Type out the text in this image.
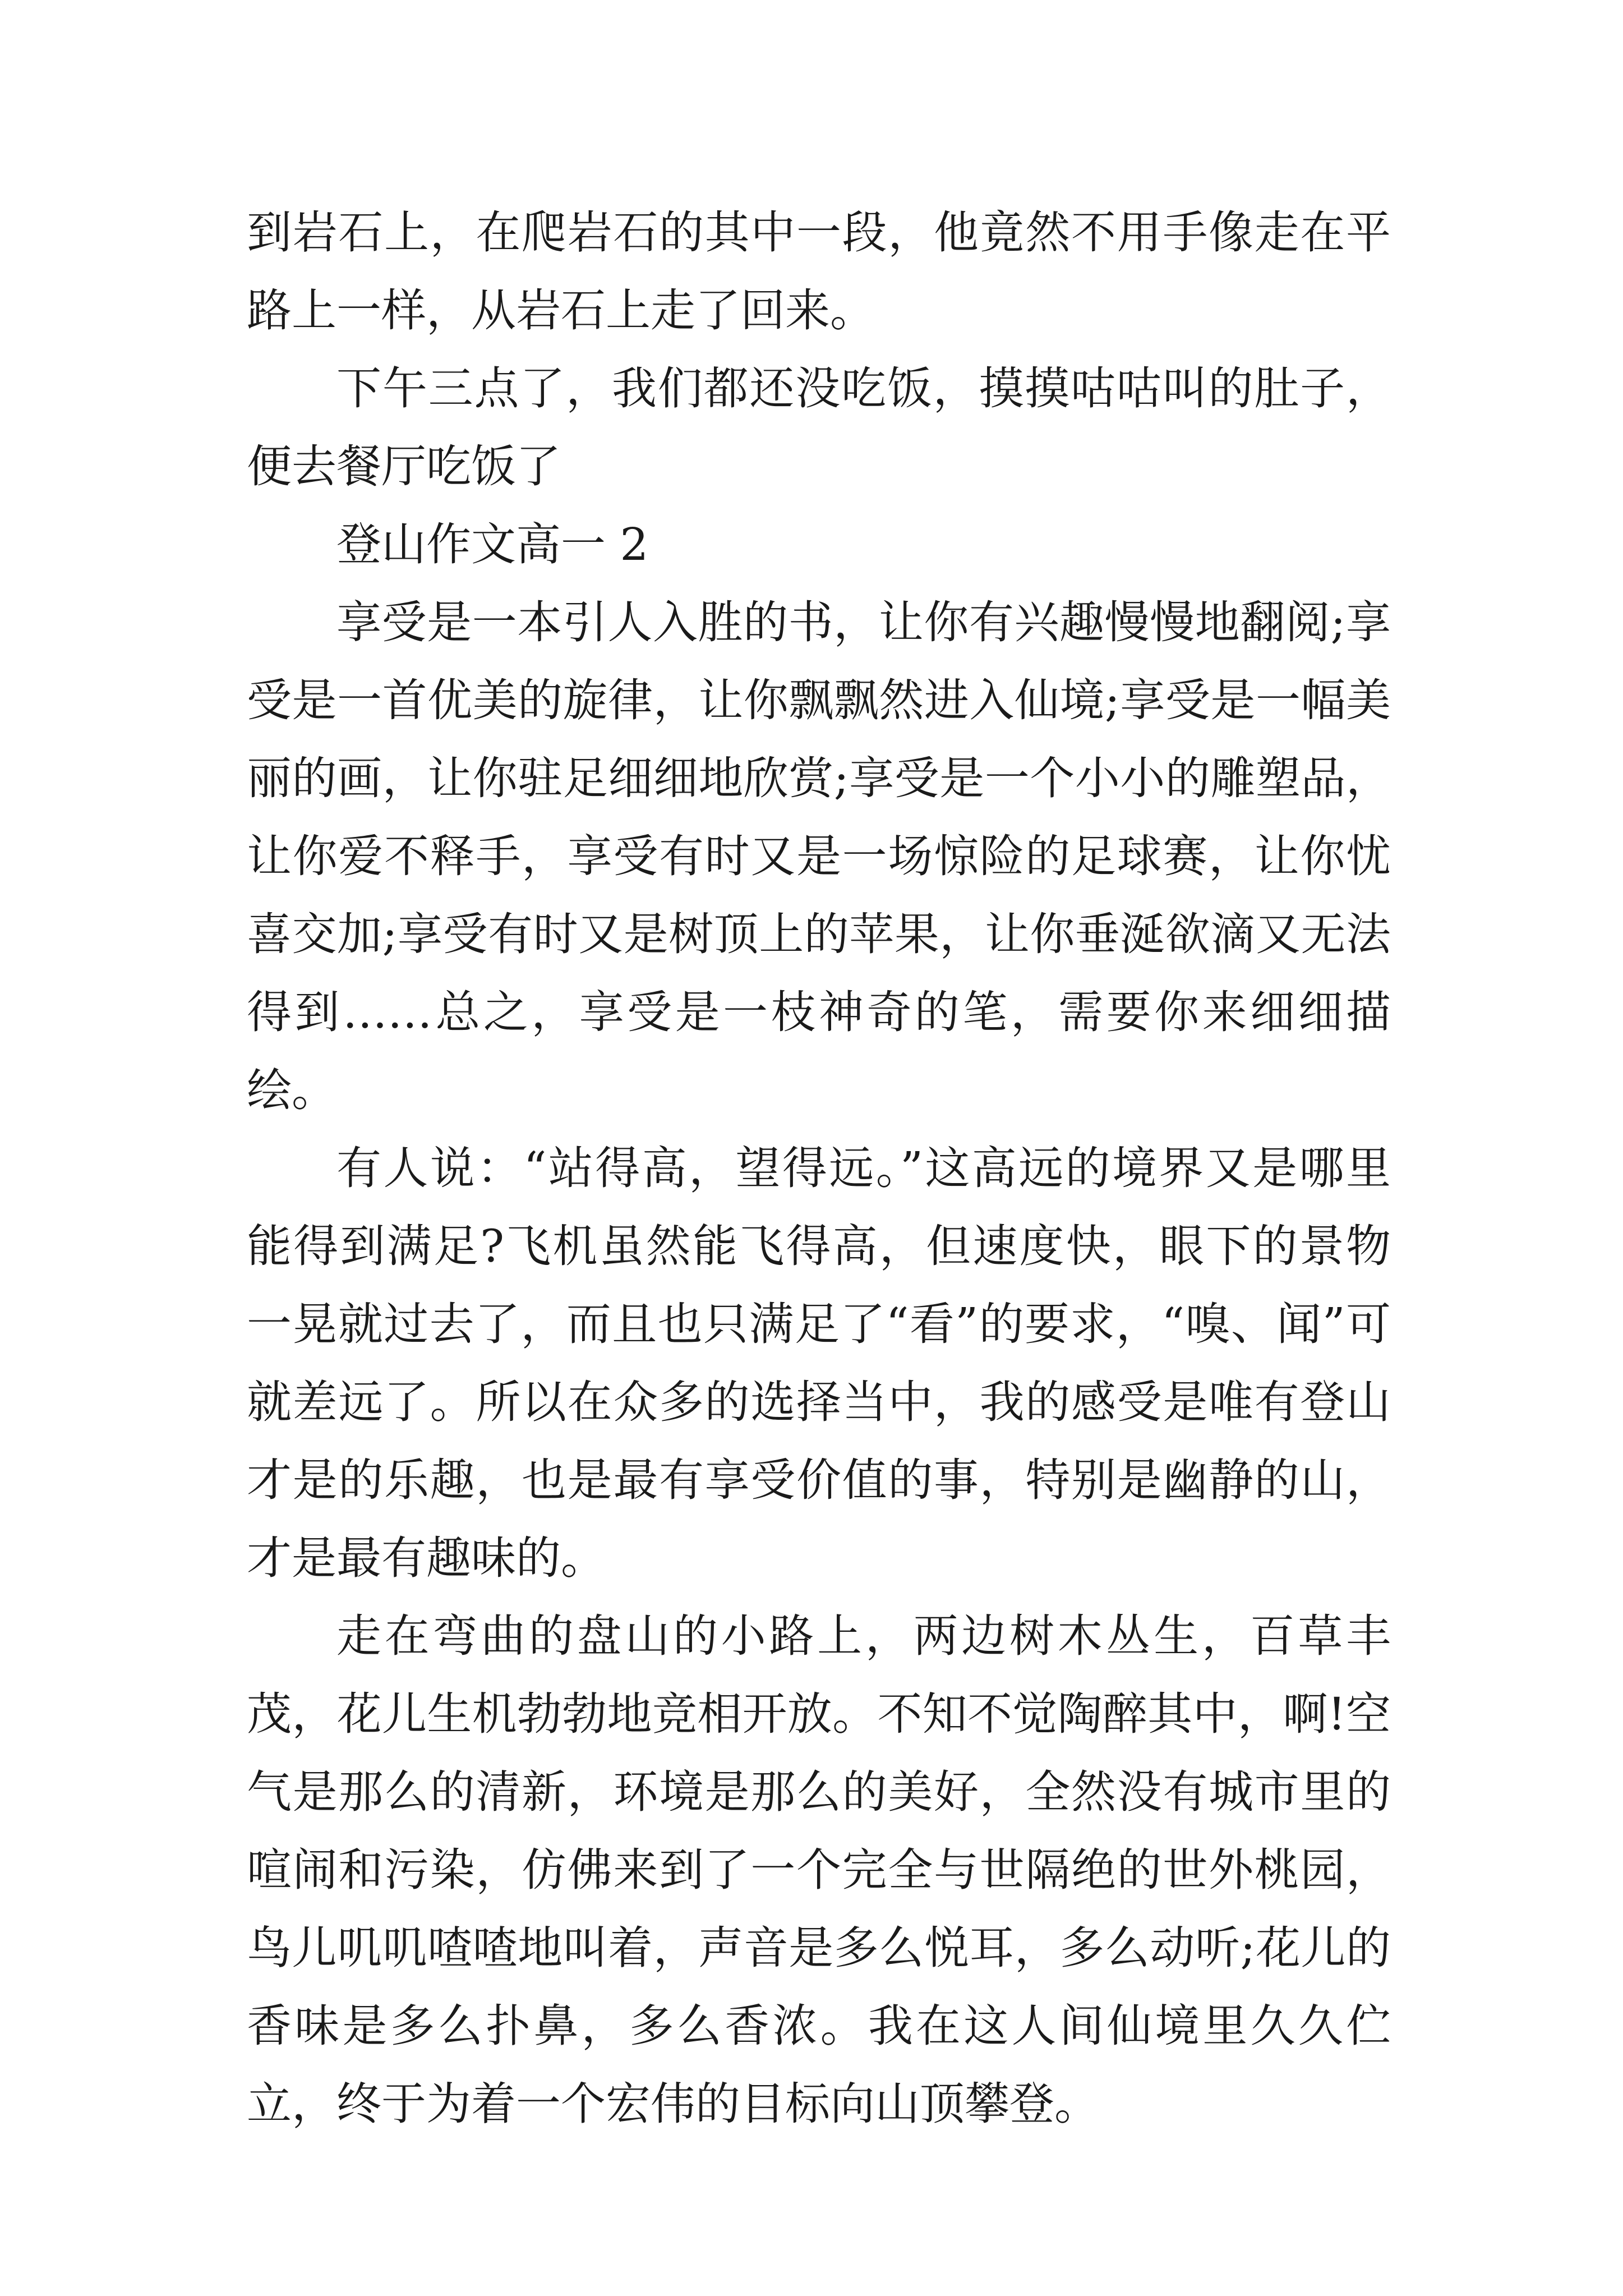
到岩石上，在爬岩石的其中一段，他竟然不用手像走在平路上一样，从岩石上走了回来。

下午三点了，我们都还没吃饭，摸摸咕咕叫的肚子，便去餐厅吃饭了

登山作文高一 2

享受是一本引人入胜的书，让你有兴趣慢慢地翻阅;享受是一首优美的旋律，让你飘飘然进入仙境;享受是一幅美丽的画，让你驻足细细地欣赏;享受是一个小小的雕塑品，让你爱不释手，享受有时又是一场惊险的足球赛，让你忧喜交加;享受有时又是树顶上的苹果，让你垂涎欲滴又无法得到……总之，享受是一枝神奇的笔，需要你来细细描绘。

有人说：“站得高，望得远。”这高远的境界又是哪里能得到满足?飞机虽然能飞得高，但速度快，眼下的景物一晃就过去了，而且也只满足了“看”的要求，“嗅、闻”可就差远了。所以在众多的选择当中，我的感受是唯有登山才是的乐趣，也是最有享受价值的事，特别是幽静的山，才是最有趣味的。

走在弯曲的盘山的小路上，两边树木丛生，百草丰茂，花儿生机勃勃地竞相开放。不知不觉陶醉其中，啊!空气是那么的清新，环境是那么的美好，全然没有城市里的喧闹和污染，仿佛来到了一个完全与世隔绝的世外桃园，鸟儿叽叽喳喳地叫着，声音是多么悦耳，多么动听;花儿的香味是多么扑鼻，多么香浓。我在这人间仙境里久久伫立，终于为着一个宏伟的目标向山顶攀登。
